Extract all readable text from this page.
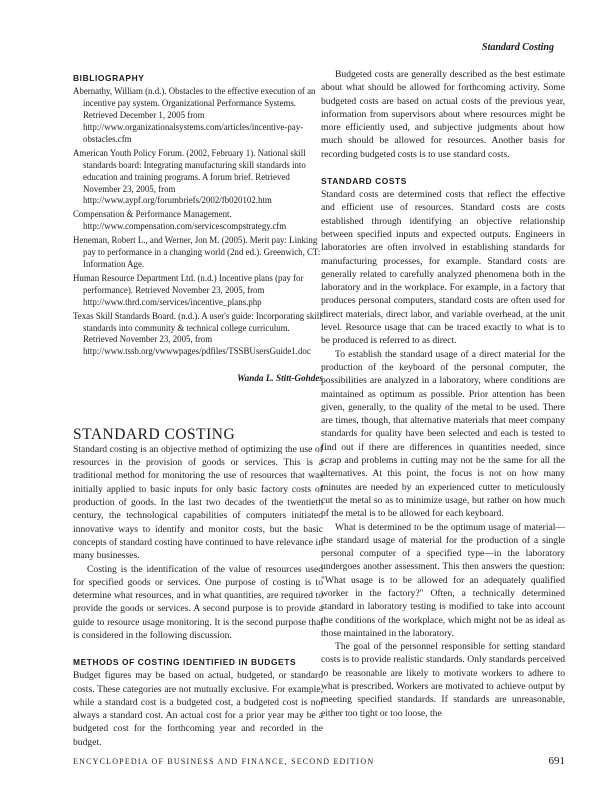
Standard Costing
BIBLIOGRAPHY
Abernathy, William (n.d.). Obstacles to the effective execution of an incentive pay system. Organizational Performance Systems. Retrieved December 1, 2005 from http://www.organizationalsystems.com/articles/incentive-pay-obstacles.cfm
American Youth Policy Forum. (2002, February 1). National skill standards board: Integrating manufacturing skill standards into education and training programs. A forum brief. Retrieved November 23, 2005, from http://www.aypf.org/forumbriefs/2002/fb020102.htm
Compensation & Performance Management. http://www.compensation.com/servicescompstrategy.cfm
Heneman, Robert L., and Werner, Jon M. (2005). Merit pay: Linking pay to performance in a changing world (2nd ed.). Greenwich, CT: Information Age.
Human Resource Department Ltd. (n.d.) Incentive plans (pay for performance). Retrieved November 23, 2005, from http://www.thrd.com/services/incentive_plans.php
Texas Skill Standards Board. (n.d.). A user's guide: Incorporating skill standards into community & technical college curriculum. Retrieved November 23, 2005, from http://www.tssb.org/vwwwpages/pdfiles/TSSBUsersGuide1.doc
Wanda L. Stitt-Gohdes
STANDARD COSTING

Standard costing is an objective method of optimizing the use of resources in the provision of goods or services. This is a traditional method for monitoring the use of resources that was initially applied to basic inputs for only basic factory costs of production of goods. In the last two decades of the twentieth century, the technological capabilities of computers initiated innovative ways to identify and monitor costs, but the basic concepts of standard costing have continued to have relevance in many businesses.

Costing is the identification of the value of resources used for specified goods or services. One purpose of costing is to determine what resources, and in what quantities, are required to provide the goods or services. A second purpose is to provide a guide to resource usage monitoring. It is the second purpose that is considered in the following discussion.

METHODS OF COSTING IDENTIFIED IN BUDGETS

Budget figures may be based on actual, budgeted, or standard costs. These categories are not mutually exclusive. For example, while a standard cost is a budgeted cost, a budgeted cost is not always a standard cost. An actual cost for a prior year may be a budgeted cost for the forthcoming year and recorded in the budget.

Budgeted costs are generally described as the best estimate about what should be allowed for forthcoming activity. Some budgeted costs are based on actual costs of the previous year, information from supervisors about where resources might be more efficiently used, and subjective judgments about how much should be allowed for resources. Another basis for recording budgeted costs is to use standard costs.

STANDARD COSTS

Standard costs are determined costs that reflect the effective and efficient use of resources. Standard costs are costs established through identifying an objective relationship between specified inputs and expected outputs. Engineers in laboratories are often involved in establishing standards for manufacturing processes, for example. Standard costs are generally related to carefully analyzed phenomena both in the laboratory and in the workplace. For example, in a factory that produces personal computers, standard costs are often used for direct materials, direct labor, and variable overhead, at the unit level. Resource usage that can be traced exactly to what is to be produced is referred to as direct.

To establish the standard usage of a direct material for the production of the keyboard of the personal computer, the possibilities are analyzed in a laboratory, where conditions are maintained as optimum as possible. Prior attention has been given, generally, to the quality of the metal to be used. There are times, though, that alternative materials that meet company standards for quality have been selected and each is tested to find out if there are differences in quantities needed, since scrap and problems in cutting may not be the same for all the alternatives. At this point, the focus is not on how many minutes are needed by an experienced cutter to meticulously cut the metal so as to minimize usage, but rather on how much of the metal is to be allowed for each keyboard.

What is determined to be the optimum usage of material—the standard usage of material for the production of a single personal computer of a specified type—in the laboratory undergoes another assessment. This then answers the question: "What usage is to be allowed for an adequately qualified worker in the factory?" Often, a technically determined standard in laboratory testing is modified to take into account the conditions of the workplace, which might not be as ideal as those maintained in the laboratory.

The goal of the personnel responsible for setting standard costs is to provide realistic standards. Only standards perceived to be reasonable are likely to motivate workers to adhere to what is prescribed. Workers are motivated to achieve output by meeting specified standards. If standards are unreasonable, either too tight or too loose, the

ENCYCLOPEDIA OF BUSINESS AND FINANCE, SECOND EDITION	691
